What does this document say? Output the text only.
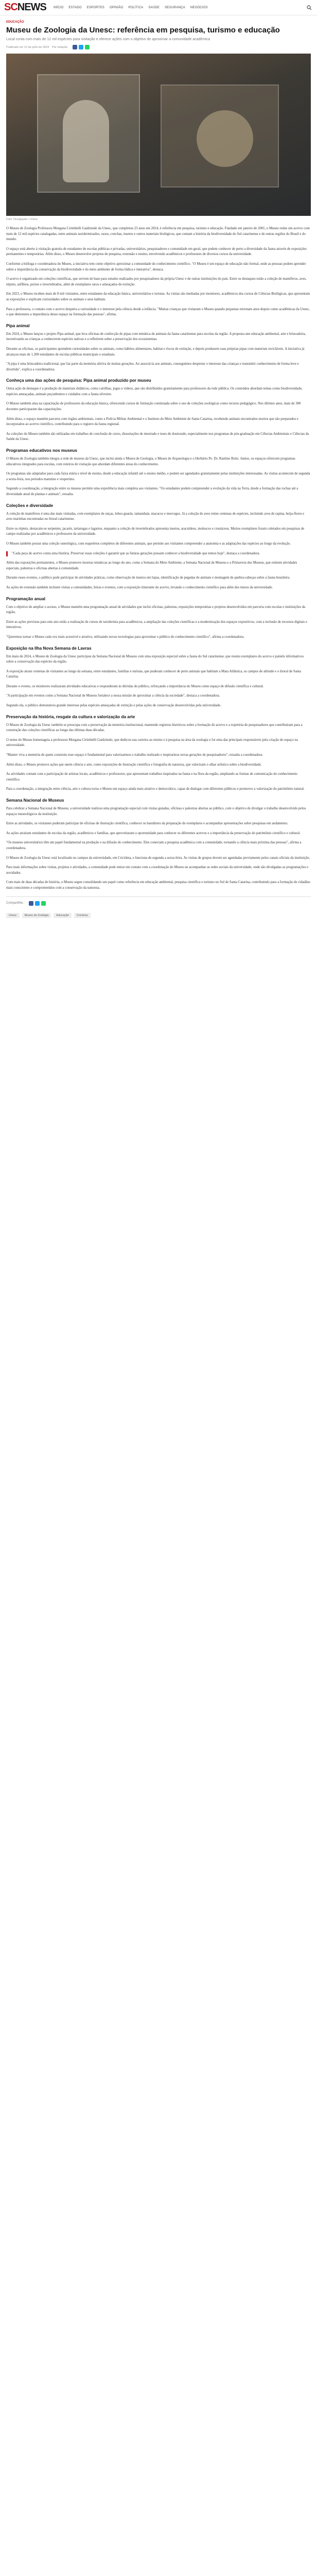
SC NEWS INÍCIO ESTADO ESPORTES OPINIÃO POLÍTICA SAÚDE SEGURANÇA NEGÓCIOS
EDUCAÇÃO
Museu de Zoologia da Unesc: referência em pesquisa, turismo e educação
Local conta com mais de 12 mil espécies para visitação e oferece ações com o objetivo de aproximar a comunidade acadêmica
Publicado em 12 de julho de 2024 Por redação
Foto: Divulgação / Unesc

O Museu de Zoologia Professora Morgana Cirimbelli Gaidzinski da Unesc, que completou 23 anos em 2024, é referência em pesquisa, turismo e educação. Fundado em janeiro de 2001, o Museu reúne um acervo com mais de 12 mil espécies catalogadas, entre animais taxidermizados, ossos, conchas, insetos e outros materiais biológicos, que contam a história da biodiversidade do Sul catarinense e de outras regiões do Brasil e do mundo.

O espaço está aberto à visitação gratuita de estudantes de escolas públicas e privadas, universitários, pesquisadores e comunidade em geral, que podem conhecer de perto a diversidade da fauna através de exposições permanentes e temporárias. Além disso, o Museu desenvolve projetos de pesquisa, extensão e ensino, envolvendo acadêmicos e professores de diversos cursos da universidade.

Conforme a bióloga e coordenadora do Museu, a iniciativa tem como objetivo aproximar a comunidade do conhecimento científico. "O Museu é um espaço de educação não formal, onde as pessoas podem aprender sobre a importância da conservação da biodiversidade e do meio ambiente de forma lúdica e interativa", destaca.

O acervo é organizado em coleções científicas, que servem de base para estudos realizados por pesquisadores da própria Unesc e de outras instituições do país. Entre os destaques estão a coleção de mamíferos, aves, répteis, anfíbios, peixes e invertebrados, além de exemplares raros e ameaçados de extinção.

Em 2023, o Museu recebeu mais de 8 mil visitantes, entre estudantes da educação básica, universitários e turistas. As visitas são mediadas por monitores, acadêmicos dos cursos de Ciências Biológicas, que apresentam as exposições e explicam curiosidades sobre os animais e seus habitats.

Para a professora, o contato com o acervo desperta a curiosidade e o interesse pela ciência desde a infância. "Muitas crianças que visitaram o Museu quando pequenas retornam anos depois como acadêmicas da Unesc, o que demonstra a importância desse espaço na formação das pessoas", afirma.

Pipa animal

Em 2024, o Museu lançou o projeto Pipa animal, que leva oficinas de confecção de pipas com temática de animais da fauna catarinense para escolas da região. A proposta une educação ambiental, arte e brincadeira, incentivando as crianças a conhecerem espécies nativas e a refletirem sobre a preservação dos ecossistemas.

Durante as oficinas, os participantes aprendem curiosidades sobre os animais, como hábitos alimentares, habitat e riscos de extinção, e depois produzem suas próprias pipas com materiais recicláveis. A iniciativa já alcançou mais de 1.200 estudantes de escolas públicas municipais e estaduais.

"A pipa é uma brincadeira tradicional, que faz parte da memória afetiva de muitas gerações. Ao associá-la aos animais, conseguimos despertar o interesse das crianças e transmitir conhecimento de forma leve e divertida", explica a coordenadora.

Conheça uma das ações de pesquisa: Pipa animal produzido por museu

Outra ação de destaque é a produção de materiais didáticos, como cartilhas, jogos e vídeos, que são distribuídos gratuitamente para professores da rede pública. Os conteúdos abordam temas como biodiversidade, espécies ameaçadas, animais peçonhentos e cuidados com a fauna silvestre.

O Museu também atua na capacitação de professores da educação básica, oferecendo cursos de formação continuada sobre o uso de coleções zoológicas como recurso pedagógico. Nos últimos anos, mais de 300 docentes participaram das capacitações.

Além disso, o espaço mantém parceria com órgãos ambientais, como a Polícia Militar Ambiental e o Instituto do Meio Ambiente de Santa Catarina, recebendo animais encontrados mortos que são preparados e incorporados ao acervo científico, contribuindo para o registro da fauna regional.

As coleções do Museu também são utilizadas em trabalhos de conclusão de curso, dissertações de mestrado e teses de doutorado, especialmente nos programas de pós-graduação em Ciências Ambientais e Ciências da Saúde da Unesc.

Programas educativos nos museus

O Museu de Zoologia também integra a rede de museus da Unesc, que inclui ainda o Museu de Geologia, o Museu de Arqueologia e o Herbário Pe. Dr. Raulino Reitz. Juntos, os espaços oferecem programas educativos integrados para escolas, com roteiros de visitação que abordam diferentes áreas do conhecimento.

Os programas são adaptados para cada faixa etária e nível de ensino, desde a educação infantil até o ensino médio, e podem ser agendados gratuitamente pelas instituições interessadas. As visitas acontecem de segunda a sexta-feira, nos períodos matutino e vespertino.

Segundo a coordenação, a integração entre os museus permite uma experiência mais completa aos visitantes. "Os estudantes podem compreender a evolução da vida na Terra, desde a formação das rochas até a diversidade atual de plantas e animais", ressalta.

Coleções e diversidade

A coleção de mamíferos é uma das mais visitadas, com exemplares de onças, lobos-guarás, tamanduás, macacos e morcegos. Já a coleção de aves reúne centenas de espécies, incluindo aves de rapina, beija-flores e aves marinhas encontradas no litoral catarinense.

Entre os répteis, destacam-se serpentes, jacarés, tartarugas e lagartos, enquanto a coleção de invertebrados apresenta insetos, aracnídeos, moluscos e crustáceos. Muitos exemplares foram coletados em pesquisas de campo realizadas por acadêmicos e professores da universidade.

O Museu também possui uma coleção osteológica, com esqueletos completos de diferentes animais, que permite aos visitantes compreender a anatomia e as adaptações das espécies ao longo da evolução.

"Cada peça do acervo conta uma história. Preservar essas coleções é garantir que as futuras gerações possam conhecer a biodiversidade que temos hoje", destaca a coordenadora.

Além das exposições permanentes, o Museu promove mostras temáticas ao longo do ano, como a Semana do Meio Ambiente, a Semana Nacional de Museus e a Primavera dos Museus, que reúnem atividades especiais, palestras e oficinas abertas à comunidade.

Durante esses eventos, o público pode participar de atividades práticas, como observação de insetos em lupas, identificação de pegadas de animais e montagem de quebra-cabeças sobre a fauna brasileira.

As ações de extensão também incluem visitas a comunidades, feiras e eventos, com a exposição itinerante do acervo, levando o conhecimento científico para além dos muros da universidade.

Programação anual

Com o objetivo de ampliar o acesso, o Museu mantém uma programação anual de atividades que inclui oficinas, palestras, exposições temporárias e projetos desenvolvidos em parceria com escolas e instituições da região.

Entre as ações previstas para este ano estão a realização de cursos de taxidermia para acadêmicos, a ampliação das coleções científicas e a modernização dos espaços expositivos, com a inclusão de recursos digitais e interativos.

"Queremos tornar o Museu cada vez mais acessível e atrativo, utilizando novas tecnologias para aproximar o público do conhecimento científico", afirma a coordenadora.

Exposição na Ilha Nova Semana de Lavras

Em maio de 2024, o Museu de Zoologia da Unesc participou da Semana Nacional de Museus com uma exposição especial sobre a fauna do Sul catarinense, que reuniu exemplares do acervo e painéis informativos sobre a conservação das espécies da região.

A exposição atraiu centenas de visitantes ao longo da semana, entre estudantes, famílias e turistas, que puderam conhecer de perto animais que habitam a Mata Atlântica, os campos de altitude e o litoral de Santa Catarina.

Durante o evento, os monitores realizaram atividades educativas e responderam às dúvidas do público, reforçando a importância do Museu como espaço de difusão científica e cultural.

"A participação em eventos como a Semana Nacional de Museus fortalece a nossa missão de aproximar a ciência da sociedade", destaca a coordenadora.

Segundo ela, o público demonstrou grande interesse pelas espécies ameaçadas de extinção e pelas ações de conservação desenvolvidas pela universidade.

Preservação da história, resgate da cultura e valorização da arte

O Museu de Zoologia da Unesc também se preocupa com a preservação da memória institucional, mantendo registros históricos sobre a formação do acervo e a trajetória de pesquisadores que contribuíram para a construção das coleções científicas ao longo das últimas duas décadas.

O nome do Museu homenageia a professora Morgana Cirimbelli Gaidzinski, que dedicou sua carreira ao ensino e à pesquisa na área da zoologia e foi uma das principais responsáveis pela criação do espaço na universidade.

"Manter viva a memória de quem construiu esse espaço é fundamental para valorizarmos o trabalho realizado e inspirarmos novas gerações de pesquisadores", ressalta a coordenadora.

Além disso, o Museu promove ações que unem ciência e arte, como exposições de ilustração científica e fotografia de natureza, que valorizam o olhar artístico sobre a biodiversidade.

As atividades contam com a participação de artistas locais, acadêmicos e professores, que apresentam trabalhos inspirados na fauna e na flora da região, ampliando as formas de comunicação do conhecimento científico.

Para a coordenação, a integração entre ciência, arte e cultura torna o Museu um espaço ainda mais atrativo e democrático, capaz de dialogar com diferentes públicos e promover a valorização do patrimônio natural.

Semana Nacional de Museus

Para celebrar a Semana Nacional de Museus, a universidade realizou uma programação especial com visitas guiadas, oficinas e palestras abertas ao público, com o objetivo de divulgar o trabalho desenvolvido pelos espaços museológicos da instituição.

Entre as atividades, os visitantes puderam participar de oficinas de ilustração científica, conhecer os bastidores da preparação de exemplares e acompanhar apresentações sobre pesquisas em andamento.

As ações atraíram estudantes de escolas da região, acadêmicos e famílias, que aproveitaram a oportunidade para conhecer os diferentes acervos e a importância da preservação do patrimônio científico e cultural.

"Os museus universitários têm um papel fundamental na produção e na difusão do conhecimento. Eles conectam a pesquisa acadêmica com a comunidade, tornando a ciência mais próxima das pessoas", afirma a coordenadora.

O Museu de Zoologia da Unesc está localizado no campus da universidade, em Criciúma, e funciona de segunda a sexta-feira. As visitas de grupos devem ser agendadas previamente pelos canais oficiais da instituição.

Para mais informações sobre visitas, projetos e atividades, a comunidade pode entrar em contato com a coordenação do Museu ou acompanhar as redes sociais da universidade, onde são divulgadas as programações e novidades.

Com mais de duas décadas de história, o Museu segue consolidando seu papel como referência em educação ambiental, pesquisa científica e turismo no Sul de Santa Catarina, contribuindo para a formação de cidadãos mais conscientes e comprometidos com a conservação da natureza.

Compartilhe:
Unesc	Museu de Zoologia	Educação	Criciúma
